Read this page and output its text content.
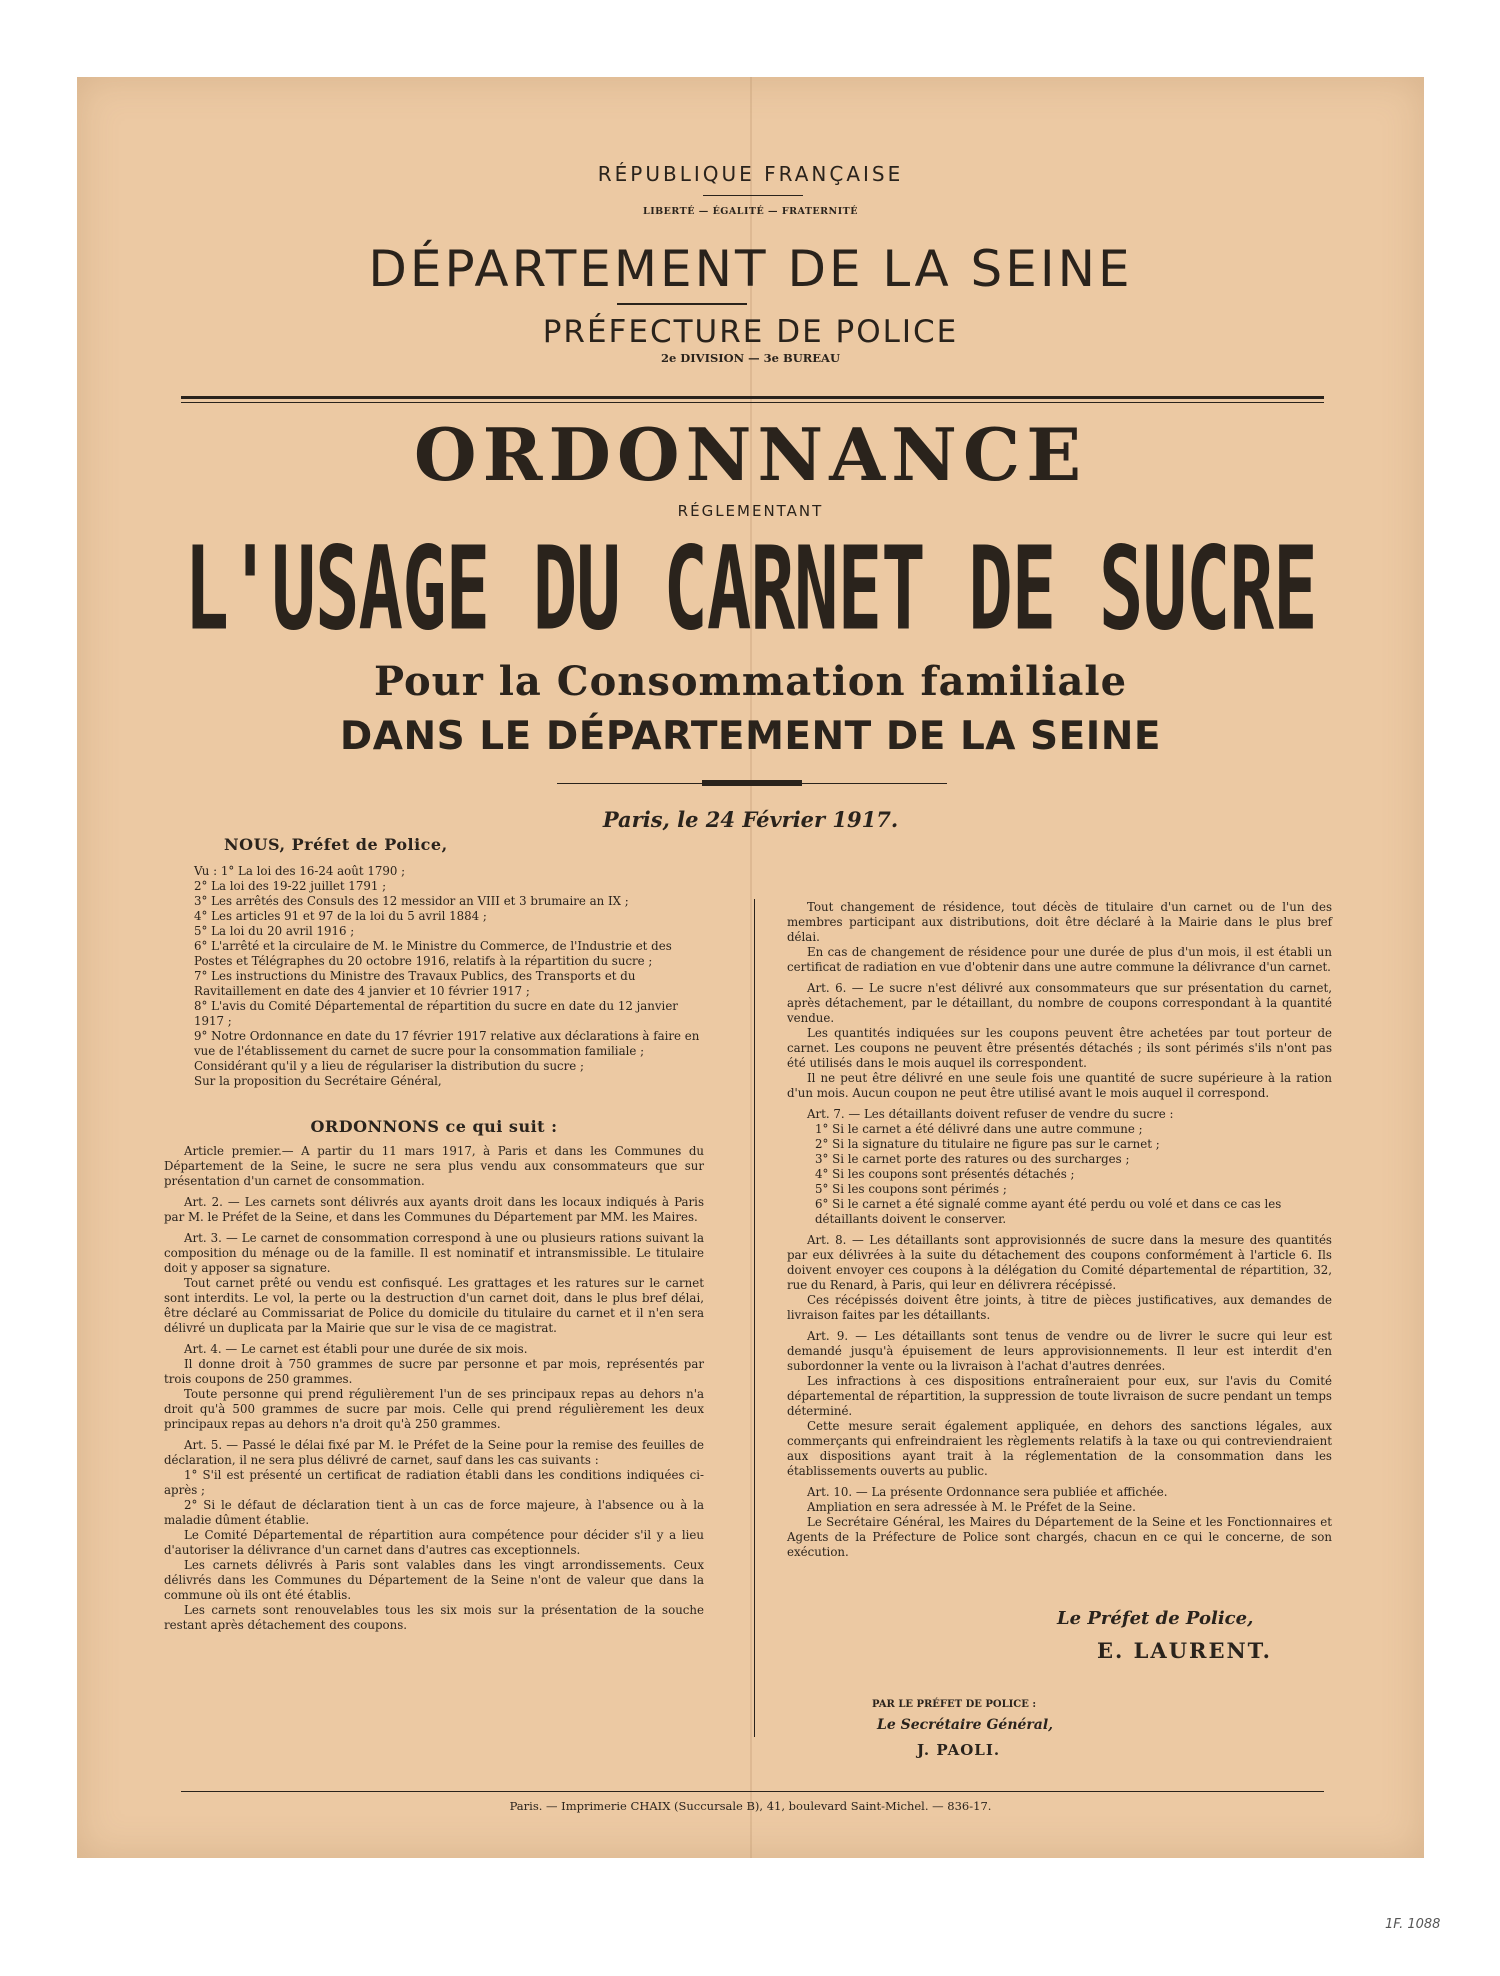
RÉPUBLIQUE FRANÇAISE
LIBERTÉ — ÉGALITÉ — FRATERNITÉ
DÉPARTEMENT DE LA SEINE
PRÉFECTURE DE POLICE
2e DIVISION — 3e BUREAU
ORDONNANCE
RÉGLEMENTANT
L'USAGE DU CARNET DE SUCRE
Pour la Consommation familiale
DANS LE DÉPARTEMENT DE LA SEINE
Paris, le 24 Février 1917.

NOUS, Préfet de Police,

Vu : 1° La loi des 16-24 août 1790 ;

2° La loi des 19-22 juillet 1791 ;

3° Les arrêtés des Consuls des 12 messidor an VIII et 3 brumaire an IX ;

4° Les articles 91 et 97 de la loi du 5 avril 1884 ;

5° La loi du 20 avril 1916 ;

6° L'arrêté et la circulaire de M. le Ministre du Commerce, de l'Industrie et des Postes et Télégraphes du 20 octobre 1916, relatifs à la répartition du sucre ;

7° Les instructions du Ministre des Travaux Publics, des Transports et du Ravitaillement en date des 4 janvier et 10 février 1917 ;

8° L'avis du Comité Départemental de répartition du sucre en date du 12 janvier 1917 ;

9° Notre Ordonnance en date du 17 février 1917 relative aux déclarations à faire en vue de l'établissement du carnet de sucre pour la consommation familiale ;

Considérant qu'il y a lieu de régulariser la distribution du sucre ;

Sur la proposition du Secrétaire Général,

ORDONNONS ce qui suit :

Article premier.— A partir du 11 mars 1917, à Paris et dans les Communes du Département de la Seine, le sucre ne sera plus vendu aux consommateurs que sur présentation d'un carnet de consommation.

Art. 2. — Les carnets sont délivrés aux ayants droit dans les locaux indiqués à Paris par M. le Préfet de la Seine, et dans les Communes du Département par MM. les Maires.

Art. 3. — Le carnet de consommation correspond à une ou plusieurs rations suivant la composition du ménage ou de la famille. Il est nominatif et intransmissible. Le titulaire doit y apposer sa signature.

Tout carnet prêté ou vendu est confisqué. Les grattages et les ratures sur le carnet sont interdits. Le vol, la perte ou la destruction d'un carnet doit, dans le plus bref délai, être déclaré au Commissariat de Police du domicile du titulaire du carnet et il n'en sera délivré un duplicata par la Mairie que sur le visa de ce magistrat.

Art. 4. — Le carnet est établi pour une durée de six mois.

Il donne droit à 750 grammes de sucre par personne et par mois, représentés par trois coupons de 250 grammes.

Toute personne qui prend régulièrement l'un de ses principaux repas au dehors n'a droit qu'à 500 grammes de sucre par mois. Celle qui prend régulièrement les deux principaux repas au dehors n'a droit qu'à 250 grammes.

Art. 5. — Passé le délai fixé par M. le Préfet de la Seine pour la remise des feuilles de déclaration, il ne sera plus délivré de carnet, sauf dans les cas suivants :

1° S'il est présenté un certificat de radiation établi dans les conditions indiquées ci-après ;

2° Si le défaut de déclaration tient à un cas de force majeure, à l'absence ou à la maladie dûment établie.

Le Comité Départemental de répartition aura compétence pour décider s'il y a lieu d'autoriser la délivrance d'un carnet dans d'autres cas exceptionnels.

Les carnets délivrés à Paris sont valables dans les vingt arrondissements. Ceux délivrés dans les Communes du Département de la Seine n'ont de valeur que dans la commune où ils ont été établis.

Les carnets sont renouvelables tous les six mois sur la présentation de la souche restant après détachement des coupons.

Tout changement de résidence, tout décès de titulaire d'un carnet ou de l'un des membres participant aux distributions, doit être déclaré à la Mairie dans le plus bref délai.

En cas de changement de résidence pour une durée de plus d'un mois, il est établi un certificat de radiation en vue d'obtenir dans une autre commune la délivrance d'un carnet.

Art. 6. — Le sucre n'est délivré aux consommateurs que sur présentation du carnet, après détachement, par le détaillant, du nombre de coupons correspondant à la quantité vendue.

Les quantités indiquées sur les coupons peuvent être achetées par tout porteur de carnet. Les coupons ne peuvent être présentés détachés ; ils sont périmés s'ils n'ont pas été utilisés dans le mois auquel ils correspondent.

Il ne peut être délivré en une seule fois une quantité de sucre supérieure à la ration d'un mois. Aucun coupon ne peut être utilisé avant le mois auquel il correspond.

Art. 7. — Les détaillants doivent refuser de vendre du sucre :

1° Si le carnet a été délivré dans une autre commune ;

2° Si la signature du titulaire ne figure pas sur le carnet ;

3° Si le carnet porte des ratures ou des surcharges ;

4° Si les coupons sont présentés détachés ;

5° Si les coupons sont périmés ;

6° Si le carnet a été signalé comme ayant été perdu ou volé et dans ce cas les détaillants doivent le conserver.

Art. 8. — Les détaillants sont approvisionnés de sucre dans la mesure des quantités par eux délivrées à la suite du détachement des coupons conformément à l'article 6. Ils doivent envoyer ces coupons à la délégation du Comité départemental de répartition, 32, rue du Renard, à Paris, qui leur en délivrera récépissé.

Ces récépissés doivent être joints, à titre de pièces justificatives, aux demandes de livraison faites par les détaillants.

Art. 9. — Les détaillants sont tenus de vendre ou de livrer le sucre qui leur est demandé jusqu'à épuisement de leurs approvisionnements. Il leur est interdit d'en subordonner la vente ou la livraison à l'achat d'autres denrées.

Les infractions à ces dispositions entraîneraient pour eux, sur l'avis du Comité départemental de répartition, la suppression de toute livraison de sucre pendant un temps déterminé.

Cette mesure serait également appliquée, en dehors des sanctions légales, aux commerçants qui enfreindraient les règlements relatifs à la taxe ou qui contreviendraient aux dispositions ayant trait à la réglementation de la consommation dans les établissements ouverts au public.

Art. 10. — La présente Ordonnance sera publiée et affichée.

Ampliation en sera adressée à M. le Préfet de la Seine.

Le Secrétaire Général, les Maires du Département de la Seine et les Fonctionnaires et Agents de la Préfecture de Police sont chargés, chacun en ce qui le concerne, de son exécution.

Le Préfet de Police,
E. LAURENT.
PAR LE PRÉFET DE POLICE :
Le Secrétaire Général,
J. PAOLI.
Paris. — Imprimerie CHAIX (Succursale B), 41, boulevard Saint-Michel. — 836-17.
1F. 1088
